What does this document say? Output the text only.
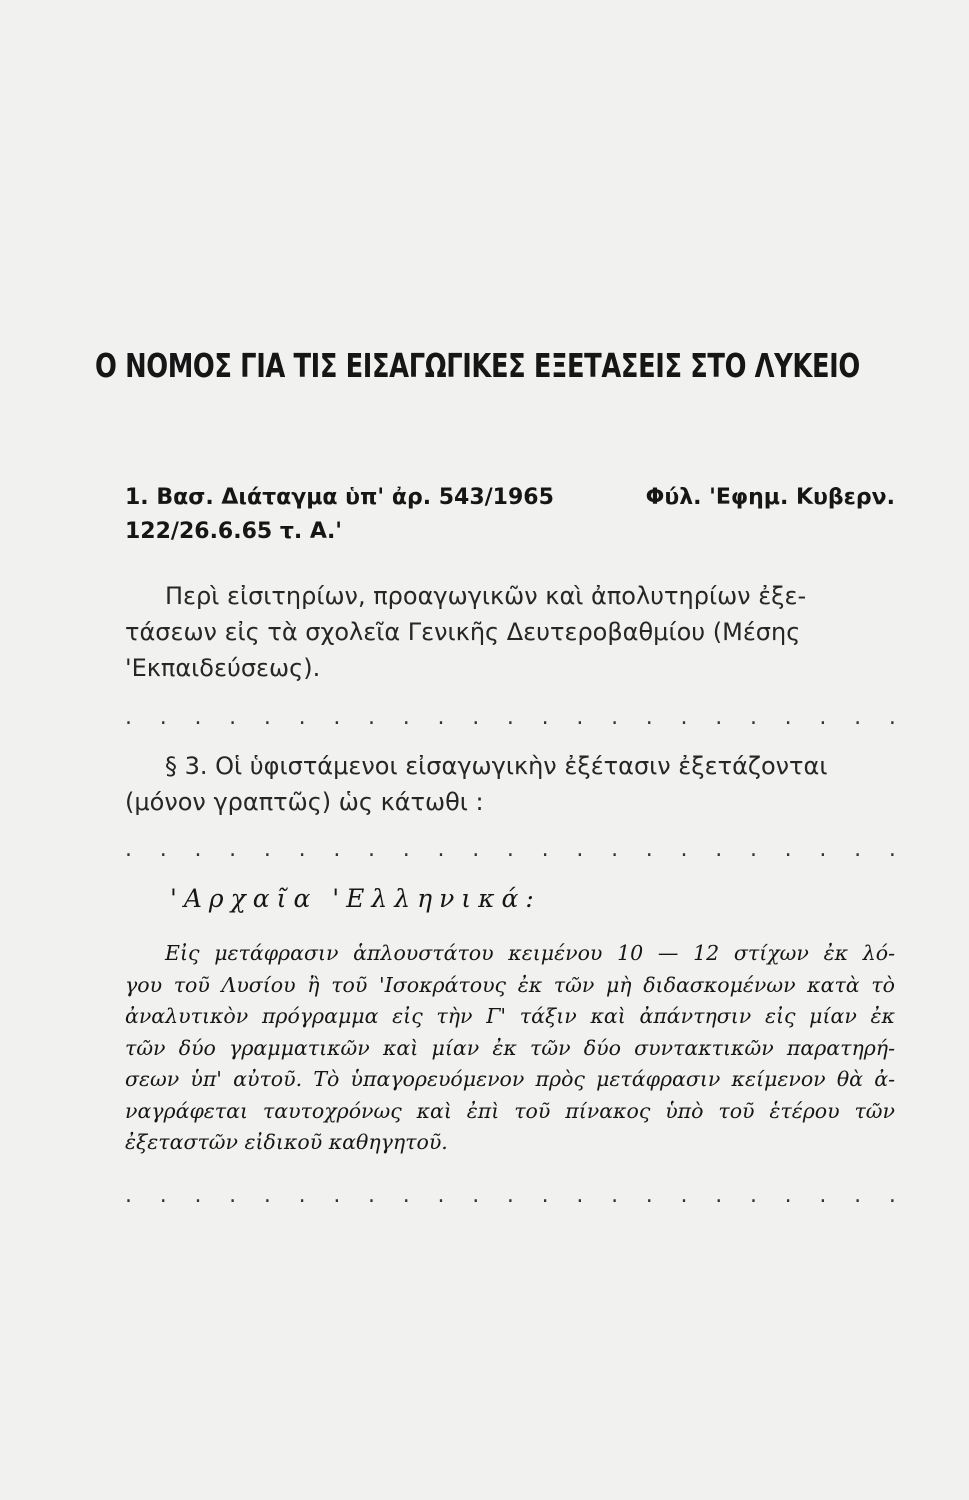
Ο ΝΟΜΟΣ ΓΙΑ ΤΙΣ ΕΙΣΑΓΩΓΙΚΕΣ ΕΞΕΤΑΣΕΙΣ ΣΤΟ ΛΥΚΕΙΟ
1. Βασ. Διάταγμα ὑπ' ἀρ. 543/1965	Φύλ. 'Εφημ. Κυβερν.
122/26.6.65 τ. Α.'
Περὶ εἰσιτηρίων, προαγωγικῶν καὶ ἀπολυτηρίων ἐξε-
τάσεων εἰς τὰ σχολεῖα Γενικῆς Δευτεροβαθμίου (Μέσης
'Εκπαιδεύσεως).
. . . . . . . . . . . . . . . . . . . . . . .
§ 3. Οἱ ὑφιστάμενοι εἰσαγωγικὴν ἐξέτασιν ἐξετάζονται
(μόνον γραπτῶς) ὡς κάτωθι :
. . . . . . . . . . . . . . . . . . . . . . .
'Αρχαῖα 'Ελληνικά:
Εἰς μετάφρασιν ἁπλουστάτου κειμένου 10 — 12 στίχων ἐκ λό-
γου τοῦ Λυσίου ἢ τοῦ 'Ισοκράτους ἐκ τῶν μὴ διδασκομένων κατὰ τὸ
ἀναλυτικὸν πρόγραμμα εἰς τὴν Γ' τάξιν καὶ ἀπάντησιν εἰς μίαν ἐκ
τῶν δύο γραμματικῶν καὶ μίαν ἐκ τῶν δύο συντακτικῶν παρατηρή-
σεων ὑπ' αὐτοῦ. Τὸ ὑπαγορευόμενον πρὸς μετάφρασιν κείμενον θὰ ἀ-
ναγράφεται ταυτοχρόνως καὶ ἐπὶ τοῦ πίνακος ὑπὸ τοῦ ἑτέρου τῶν
ἐξεταστῶν εἰδικοῦ καθηγητοῦ.
. . . . . . . . . . . . . . . . . . . . . . .
